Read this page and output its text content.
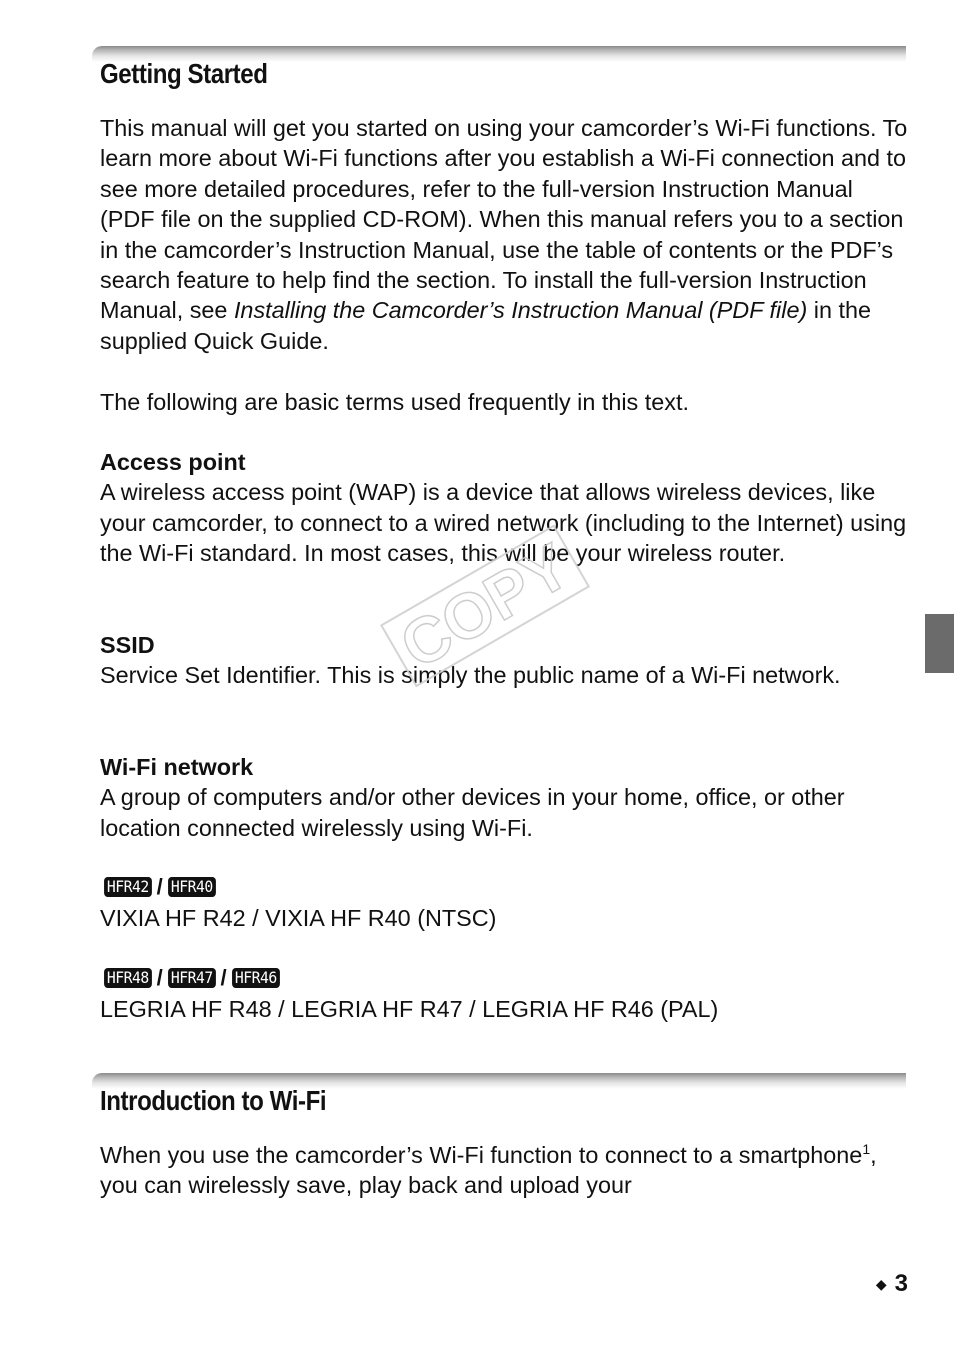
Getting Started

This manual will get you started on using your camcorder’s Wi-Fi functions. To learn more about Wi-Fi functions after you establish a Wi-Fi connection and to see more detailed procedures, refer to the full-version Instruction Manual (PDF file on the supplied CD-ROM). When this manual refers you to a section in the camcorder’s Instruction Manual, use the table of contents or the PDF’s search feature to help find the section. To install the full-version Instruction Manual, see Installing the Camcorder’s Instruction Manual (PDF file) in the supplied Quick Guide.

The following are basic terms used frequently in this text.

Access point
A wireless access point (WAP) is a device that allows wireless devices, like your camcorder, to connect to a wired network (including to the Internet) using the Wi-Fi standard. In most cases, this will be your wireless router.
SSID
Service Set Identifier. This is simply the public name of a Wi-Fi network.
Wi-Fi network
A group of computers and/or other devices in your home, office, or other location connected wirelessly using Wi-Fi.
HFR42 / HFR40

VIXIA HF R42 / VIXIA HF R40 (NTSC)

HFR48 / HFR47 / HFR46

LEGRIA HF R48 / LEGRIA HF R47 / LEGRIA HF R46 (PAL)

Introduction to Wi-Fi

When you use the camcorder’s Wi-Fi function to connect to a smartphone$^1$, you can wirelessly save, play back and upload your

COPY
◆ 3
